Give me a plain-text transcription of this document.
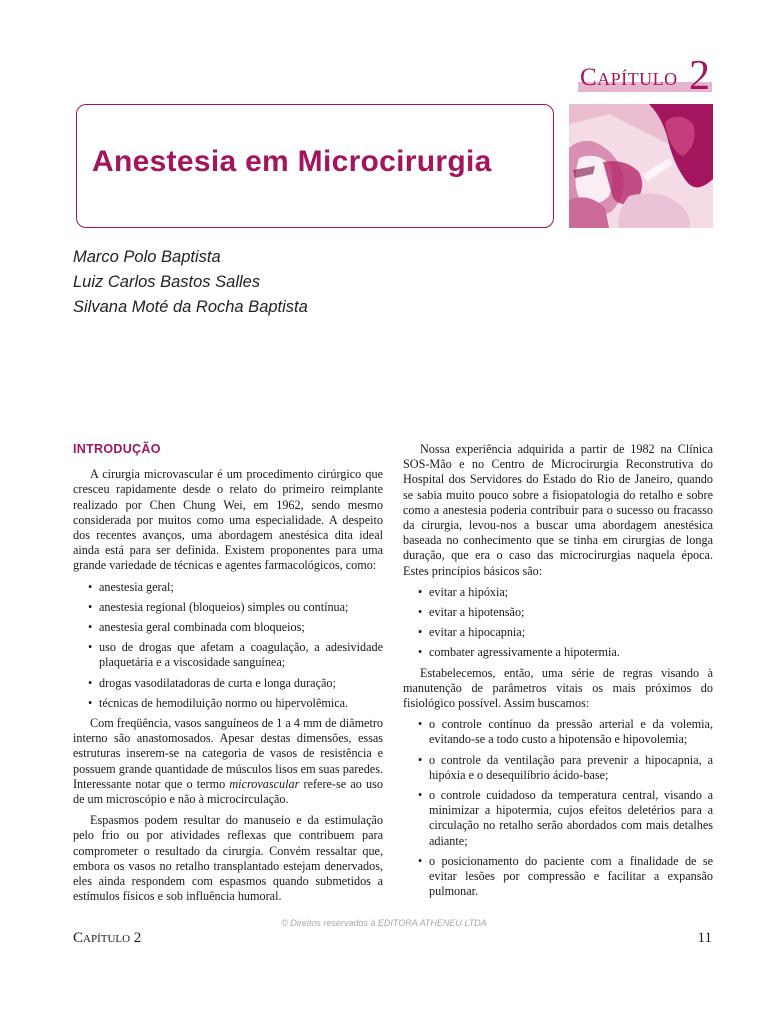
Capítulo 2
Anestesia em Microcirurgia
Marco Polo Baptista
Luiz Carlos Bastos Salles
Silvana Moté da Rocha Baptista
INTRODUÇÃO

A cirurgia microvascular é um procedimento cirúrgico que cresceu rapidamente desde o relato do primeiro reimplante realizado por Chen Chung Wei, em 1962, sendo mesmo considerada por muitos como uma especialidade. A despeito dos recentes avanços, uma abordagem anestésica dita ideal ainda está para ser definida. Existem proponentes para uma grande variedade de técnicas e agentes farmacológicos, como:

• anestesia geral;
• anestesia regional (bloqueios) simples ou contínua;
• anestesia geral combinada com bloqueios;
• uso de drogas que afetam a coagulação, a adesividade plaquetária e a viscosidade sanguínea;
• drogas vasodilatadoras de curta e longa duração;
• técnicas de hemodiluição normo ou hipervolêmica.

Com freqüência, vasos sanguíneos de 1 a 4 mm de diâmetro interno são anastomosados. Apesar destas dimensões, essas estruturas inserem-se na categoria de vasos de resistência e possuem grande quantidade de músculos lisos em suas paredes. Interessante notar que o termo microvascular refere-se ao uso de um microscópio e não à microcirculação.

Espasmos podem resultar do manuseio e da estimulação pelo frio ou por atividades reflexas que contribuem para comprometer o resultado da cirurgia. Convém ressaltar que, embora os vasos no retalho transplantado estejam denervados, eles ainda respondem com espasmos quando submetidos a estímulos físicos e sob influência humoral.

Nossa experiência adquirida a partir de 1982 na Clínica SOS-Mão e no Centro de Microcirurgia Reconstrutiva do Hospital dos Servidores do Estado do Rio de Janeiro, quando se sabia muito pouco sobre a fisiopatologia do retalho e sobre como a anestesia poderia contribuir para o sucesso ou fracasso da cirurgia, levou-nos a buscar uma abordagem anestésica baseada no conhecimento que se tinha em cirurgias de longa duração, que era o caso das microcirurgias naquela época. Estes princípios básicos são:

• evitar a hipóxia;
• evitar a hipotensão;
• evitar a hipocapnia;
• combater agressivamente a hipotermia.

Estabelecemos, então, uma série de regras visando à manutenção de parâmetros vitais os mais próximos do fisiológico possível. Assim buscamos:

• o controle contínuo da pressão arterial e da volemia, evitando-se a todo custo a hipotensão e hipovolemia;
• o controle da ventilação para prevenir a hipocapnia, a hipóxia e o desequilíbrio ácido-base;
• o controle cuidadoso da temperatura central, visando a minimizar a hipotermia, cujos efeitos deletérios para a circulação no retalho serão abordados com mais detalhes adiante;
• o posicionamento do paciente com a finalidade de se evitar lesões por compressão e facilitar a expansão pulmonar.
© Direitos reservados à EDITORA ATHENEU LTDA
Capítulo 2	11
